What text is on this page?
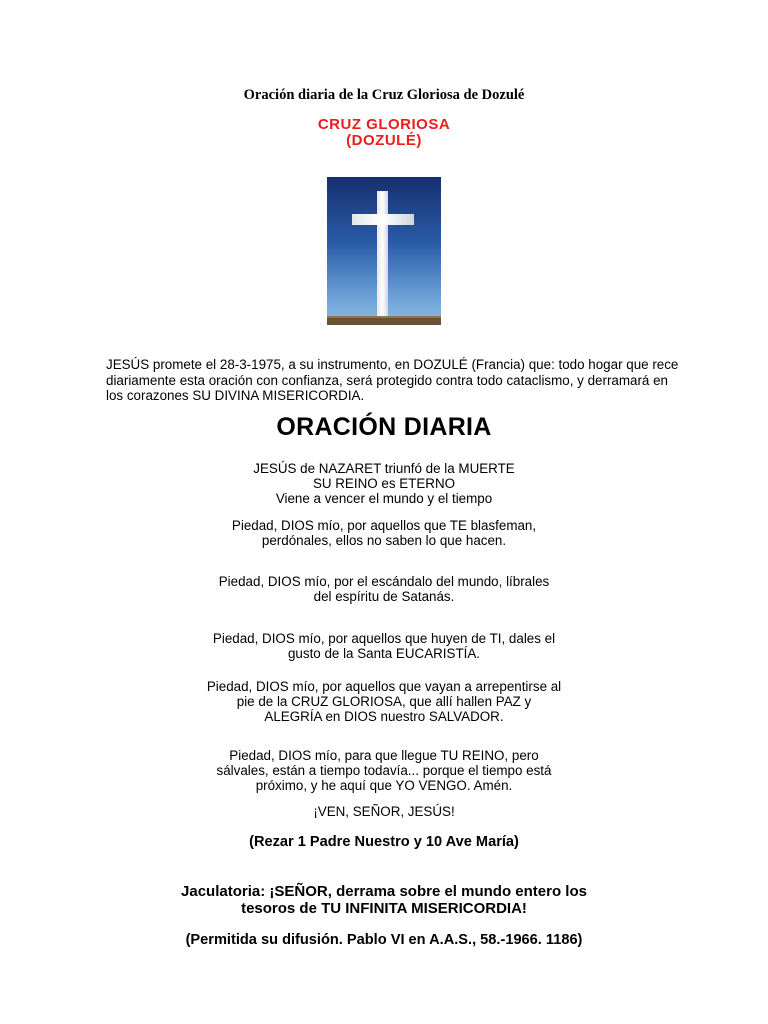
Oración diaria de la Cruz Gloriosa de Dozulé
CRUZ GLORIOSA
(DOZULÉ)
JESÚS promete el 28-3-1975, a su instrumento, en DOZULÉ (Francia) que: todo hogar que rece diariamente esta oración con confianza, será protegido contra todo cataclismo, y derramará en los corazones SU DIVINA MISERICORDIA.
ORACIÓN DIARIA
JESÚS de NAZARET triunfó de la MUERTE
SU REINO es ETERNO
Viene a vencer el mundo y el tiempo
Piedad, DIOS mío, por aquellos que TE blasfeman,
perdónales, ellos no saben lo que hacen.
Piedad, DIOS mío, por el escándalo del mundo, líbrales
del espíritu de Satanás.
Piedad, DIOS mío, por aquellos que huyen de TI, dales el
gusto de la Santa EUCARISTÍA.
Piedad, DIOS mío, por aquellos que vayan a arrepentirse al
pie de la CRUZ GLORIOSA, que allí hallen PAZ y
ALEGRÍA en DIOS nuestro SALVADOR.
Piedad, DIOS mío, para que llegue TU REINO, pero
sálvales, están a tiempo todavía... porque el tiempo está
próximo, y he aquí que YO VENGO. Amén.
¡VEN, SEÑOR, JESÚS!
(Rezar 1 Padre Nuestro y 10 Ave María)
Jaculatoria: ¡SEÑOR, derrama sobre el mundo entero los
tesoros de TU INFINITA MISERICORDIA!
(Permitida su difusión. Pablo VI en A.A.S., 58.-1966. 1186)
